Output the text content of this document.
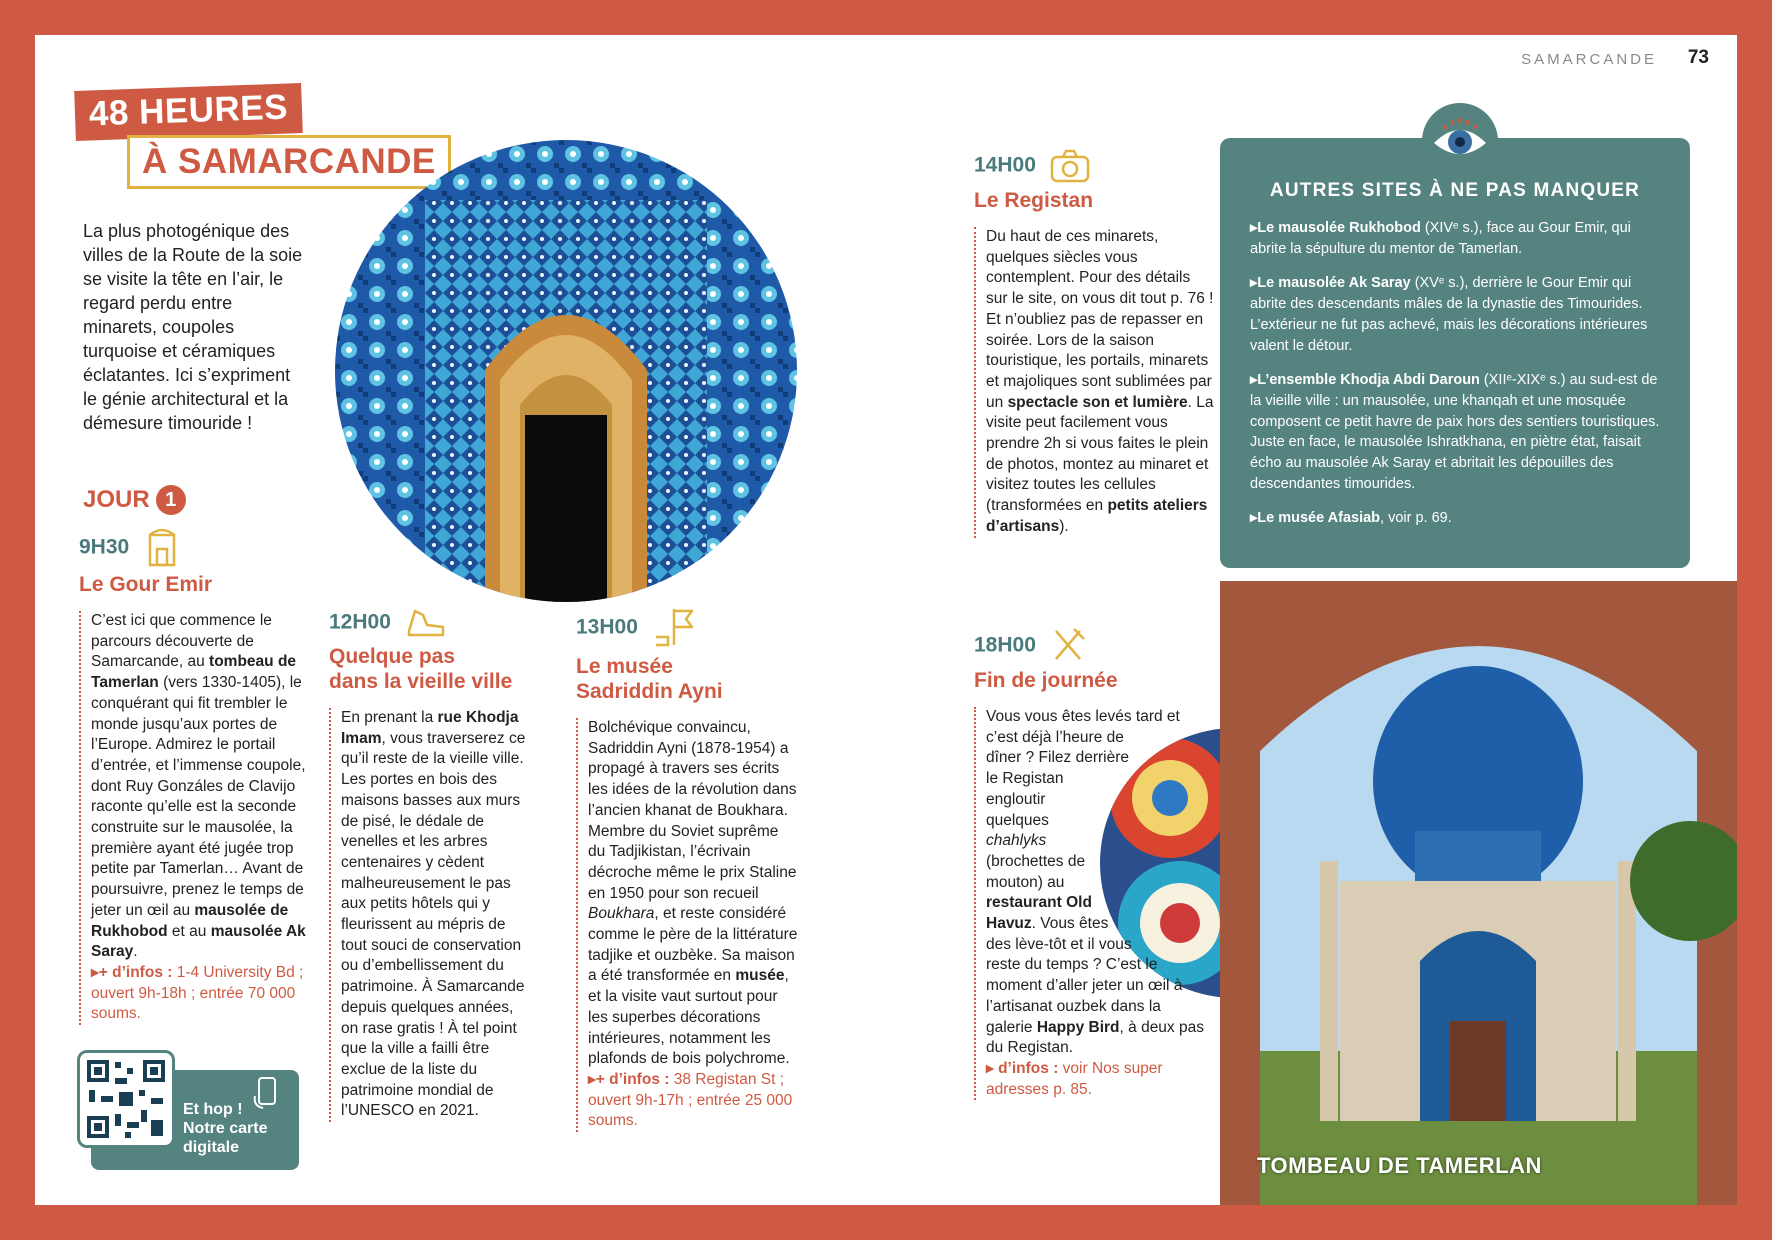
SAMARCANDE 73
48 HEURES
À SAMARCANDE
La plus photogénique des villes de la Route de la soie se visite la tête en l’air, le regard perdu entre minarets, coupoles turquoise et céramiques éclatantes. Ici s’expriment le génie architectural et la démesure timouride !
JOUR 1
9H30
Le Gour Emir
C’est ici que commence le parcours découverte de Samarcande, au tombeau de Tamerlan (vers 1330-1405), le conquérant qui fit trembler le monde jusqu’aux portes de l’Europe. Admirez le portail d’entrée, et l’immense coupole, dont Ruy Gonzáles de Clavijo raconte qu’elle est la seconde construite sur le mausolée, la première ayant été jugée trop petite par Tamerlan… Avant de poursuivre, prenez le temps de jeter un œil au mausolée de Rukhobod et au mausolée Ak Saray.
▸+ d’infos : 1-4 University Bd ; ouvert 9h-18h ; entrée 70 000 soums.
12H00
Quelque pas
dans la vieille ville
En prenant la rue Khodja Imam, vous traverserez ce qu’il reste de la vieille ville. Les portes en bois des maisons basses aux murs de pisé, le dédale de venelles et les arbres centenaires y cèdent malheureusement le pas aux petits hôtels qui y fleurissent au mépris de tout souci de conservation ou d’embellissement du patrimoine. À Samarcande depuis quelques années, on rase gratis ! À tel point que la ville a failli être exclue de la liste du patrimoine mondial de l’UNESCO en 2021.
13H00
Le musée
Sadriddin Ayni
Bolchévique convaincu, Sadriddin Ayni (1878-1954) a propagé à travers ses écrits les idées de la révolution dans l’ancien khanat de Boukhara. Membre du Soviet suprême du Tadjikistan, l’écrivain décroche même le prix Staline en 1950 pour son recueil Boukhara, et reste considéré comme le père de la littérature tadjike et ouzbèke. Sa maison a été transformée en musée, et la visite vaut surtout pour les superbes décorations intérieures, notamment les plafonds de bois polychrome.
▸+ d’infos : 38 Registan St ; ouvert 9h-17h ; entrée 25 000 soums.
14H00
Le Registan
Du haut de ces minarets, quelques siècles vous contemplent. Pour des détails sur le site, on vous dit tout p. 76 ! Et n’oubliez pas de repasser en soirée. Lors de la saison touristique, les portails, minarets et majoliques sont sublimées par un spectacle son et lumière. La visite peut facilement vous prendre 2h si vous faites le plein de photos, montez au minaret et visitez toutes les cellules (transformées en petits ateliers d’artisans).
18H00
Fin de journée
Vous vous êtes levés tard et c’est déjà l’heure de dîner ? Filez derrière le Registan engloutir quelques chahlyks (brochettes de mouton) au restaurant Old Havuz. Vous êtes des lève-tôt et il vous reste du temps ? C’est le moment d’aller jeter un œil à l’artisanat ouzbek dans la galerie Happy Bird, à deux pas du Registan.
▸ d’infos : voir Nos super adresses p. 85.
AUTRES SITES À NE PAS MANQUER

▸Le mausolée Rukhobod (XIVᵉ s.), face au Gour Emir, qui abrite la sépulture du mentor de Tamerlan.

▸Le mausolée Ak Saray (XVᵉ s.), derrière le Gour Emir qui abrite des descendants mâles de la dynastie des Timourides. L’extérieur ne fut pas achevé, mais les décorations intérieures valent le détour.

▸L’ensemble Khodja Abdi Daroun (XIIᵉ-XIXᵉ s.) au sud-est de la vieille ville : un mausolée, une khanqah et une mosquée composent ce petit havre de paix hors des sentiers touristiques. Juste en face, le mausolée Ishratkhana, en piètre état, faisait écho au mausolée Ak Saray et abritait les dépouilles des descendantes timourides.

▸Le musée Afasiab, voir p. 69.

TOMBEAU DE TAMERLAN
Et hop !
Notre carte
digitale
